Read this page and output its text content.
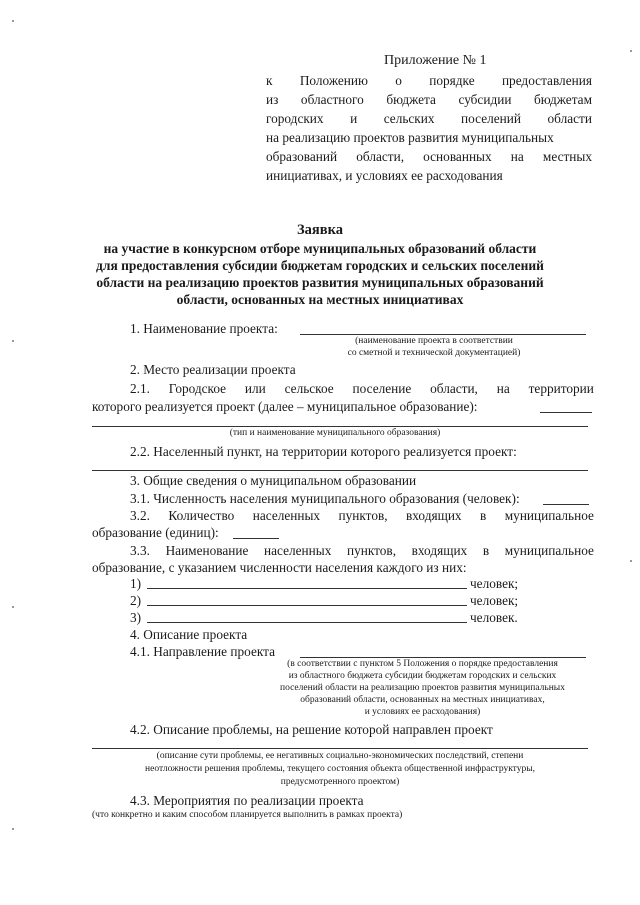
Приложение № 1
к Положению о порядке предоставления
из областного бюджета субсидии бюджетам
городских и сельских поселений области
на реализацию проектов развития муниципальных
образований области, основанных на местных
инициативах, и условиях ее расходования
Заявка
на участие в конкурсном отборе муниципальных образований области
для предоставления субсидии бюджетам городских и сельских поселений
области на реализацию проектов развития муниципальных образований
области, основанных на местных инициативах
1. Наименование проекта:
(наименование проекта в соответствии
со сметной и технической документацией)
2. Место реализации проекта
2.1. Городское или сельское поселение области, на территории
которого реализуется проект (далее – муниципальное образование):
(тип и наименование муниципального образования)
2.2. Населенный пункт, на территории которого реализуется проект:
3. Общие сведения о муниципальном образовании
3.1. Численность населения муниципального образования (человек):
3.2. Количество населенных пунктов, входящих в муниципальное
образование (единиц):
3.3. Наименование населенных пунктов, входящих в муниципальное
образование, с указанием численности населения каждого из них:
1)	человек;
2)	человек;
3)	человек.
4. Описание проекта
4.1. Направление проекта
(в соответствии с пунктом 5 Положения о порядке предоставления
из областного бюджета субсидии бюджетам городских и сельских
поселений области на реализацию проектов развития муниципальных
образований области, основанных на местных инициативах,
и условиях ее расходования)
4.2. Описание проблемы, на решение которой направлен проект
(описание сути проблемы, ее негативных социально-экономических последствий, степени
неотложности решения проблемы, текущего состояния объекта общественной инфраструктуры,
предусмотренного проектом)
4.3. Мероприятия по реализации проекта
(что конкретно и каким способом планируется выполнить в рамках проекта)
